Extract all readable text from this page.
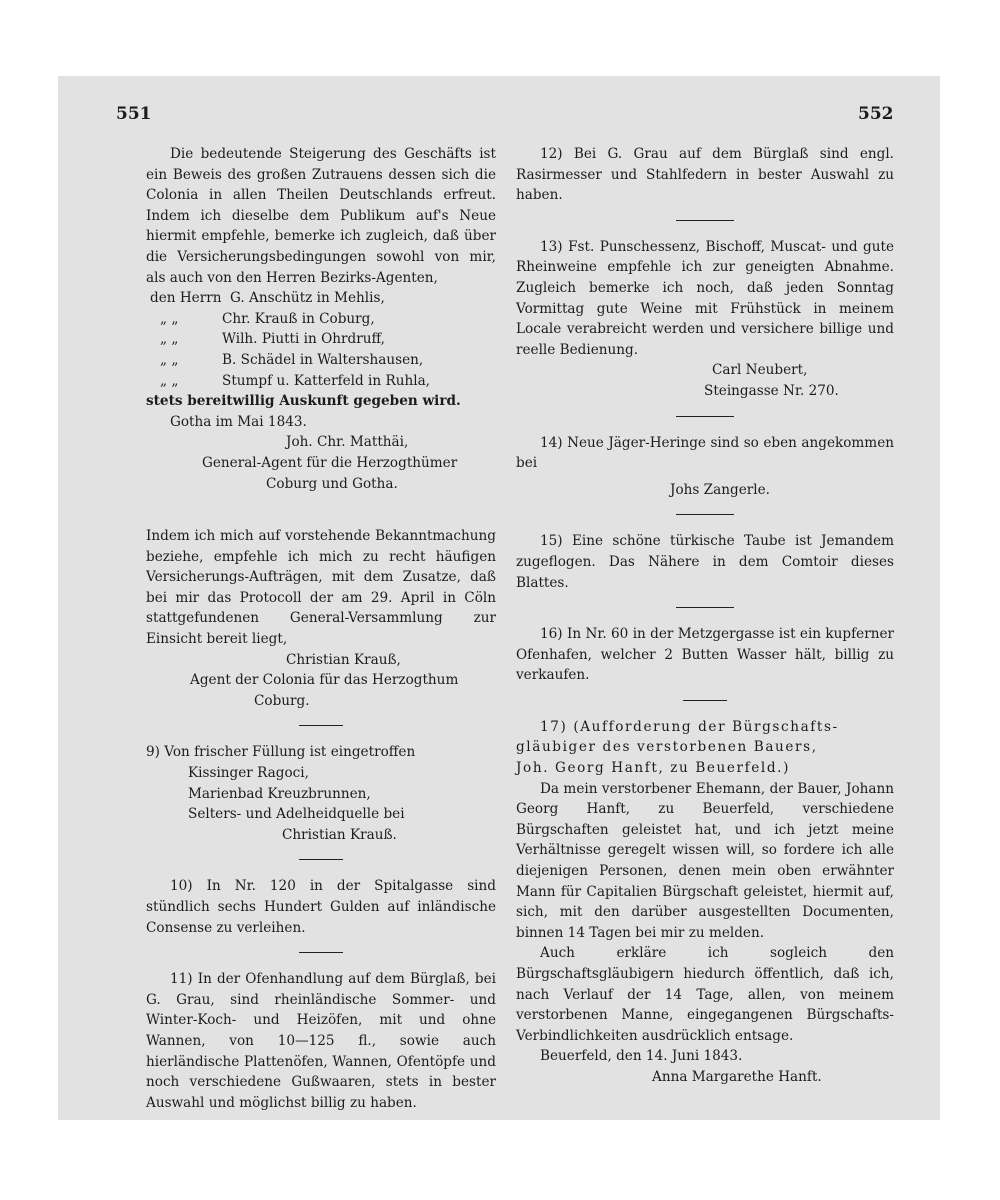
551	552

Die bedeutende Steigerung des Geschäfts ist ein Beweis des großen Zutrauens dessen sich die Colonia in allen Theilen Deutschlands erfreut. Indem ich dieselbe dem Publikum auf's Neue hiermit empfehle, bemerke ich zugleich, daß über die Versicherungsbedingungen sowohl von mir, als auch von den Herren Bezirks-Agenten,

den Herrn G. Anschütz in Mehlis,
„ „	Chr. Krauß in Coburg,
„ „	Wilh. Piutti in Ohrdruff,
„ „	B. Schädel in Waltershausen,
„ „	Stumpf u. Katterfeld in Ruhla,
stets bereitwillig Auskunft gegeben wird.
Gotha im Mai 1843.
Joh. Chr. Matthäi,
General-Agent für die Herzogthümer
Coburg und Gotha.

Indem ich mich auf vorstehende Bekanntmachung beziehe, empfehle ich mich zu recht häufigen Versicherungs-Aufträgen, mit dem Zusatze, daß bei mir das Protocoll der am 29. April in Cöln stattgefundenen General-Versammlung zur Einsicht bereit liegt,

Christian Krauß,
Agent der Colonia für das Herzogthum
Coburg.
9) Von frischer Füllung ist eingetroffen
Kissinger Ragoci,
Marienbad Kreuzbrunnen,
Selters- und Adelheidquelle bei
Christian Krauß.

10) In Nr. 120 in der Spitalgasse sind stündlich sechs Hundert Gulden auf inländische Consense zu verleihen.

11) In der Ofenhandlung auf dem Bürglaß, bei G. Grau, sind rheinländische Sommer- und Winter-Koch- und Heizöfen, mit und ohne Wannen, von 10—125 fl., sowie auch hierländische Plattenöfen, Wannen, Ofentöpfe und noch verschiedene Gußwaaren, stets in bester Auswahl und möglichst billig zu haben.

12) Bei G. Grau auf dem Bürglaß sind engl. Rasirmesser und Stahlfedern in bester Auswahl zu haben.

13) Fst. Punschessenz, Bischoff, Muscat- und gute Rheinweine empfehle ich zur geneigten Abnahme. Zugleich bemerke ich noch, daß jeden Sonntag Vormittag gute Weine mit Frühstück in meinem Locale verabreicht werden und versichere billige und reelle Bedienung.

Carl Neubert,
Steingasse Nr. 270.

14) Neue Jäger-Heringe sind so eben angekommen bei

Johs Zangerle.

15) Eine schöne türkische Taube ist Jemandem zugeflogen. Das Nähere in dem Comtoir dieses Blattes.

16) In Nr. 60 in der Metzgergasse ist ein kupferner Ofenhafen, welcher 2 Butten Wasser hält, billig zu verkaufen.

17) (Aufforderung der Bürgschafts-
gläubiger des verstorbenen Bauers,
Joh. Georg Hanft, zu Beuerfeld.)

Da mein verstorbener Ehemann, der Bauer, Johann Georg Hanft, zu Beuerfeld, verschiedene Bürgschaften geleistet hat, und ich jetzt meine Verhältnisse geregelt wissen will, so fordere ich alle diejenigen Personen, denen mein oben erwähnter Mann für Capitalien Bürgschaft geleistet, hiermit auf, sich, mit den darüber ausgestellten Documenten, binnen 14 Tagen bei mir zu melden.

Auch erkläre ich sogleich den Bürgschaftsgläubigern hiedurch öffentlich, daß ich, nach Verlauf der 14 Tage, allen, von meinem verstorbenen Manne, eingegangenen Bürgschafts-Verbindlichkeiten ausdrücklich entsage.

Beuerfeld, den 14. Juni 1843.
Anna Margarethe Hanft.
